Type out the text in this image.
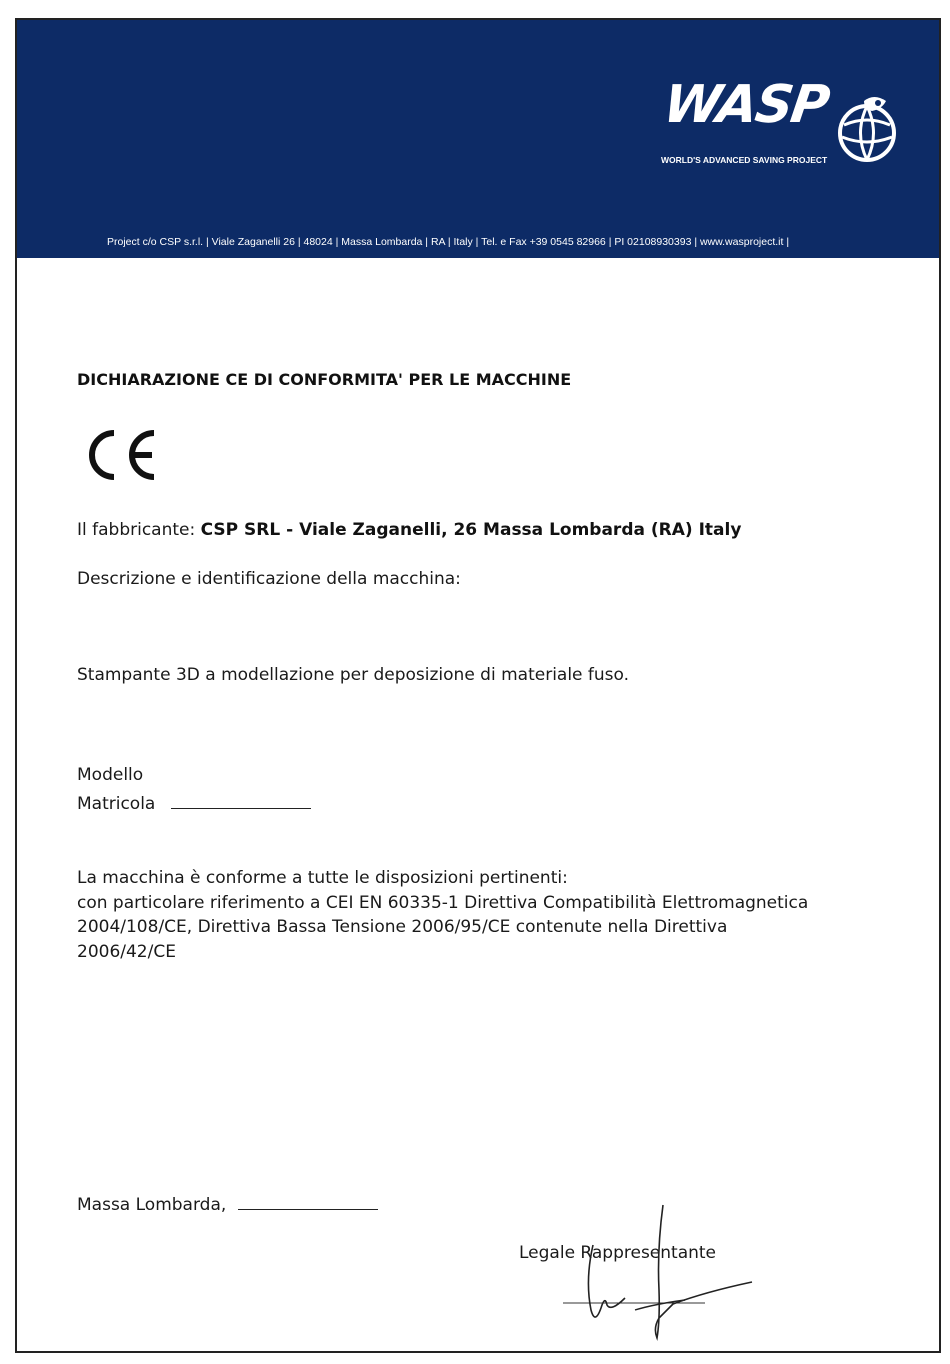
WASP
WORLD'S ADVANCED SAVING PROJECT
Project c/o CSP s.r.l. | Viale Zaganelli 26 | 48024 | Massa Lombarda | RA | Italy | Tel. e Fax +39 0545 82966 | PI 02108930393 | www.wasproject.it |
DICHIARAZIONE CE DI CONFORMITA' PER LE MACCHINE
Il fabbricante: CSP SRL - Viale Zaganelli, 26 Massa Lombarda (RA) Italy
Descrizione e identificazione della macchina:
Stampante 3D a modellazione per deposizione di materiale fuso.
Modello
Matricola
La macchina è conforme a tutte le disposizioni pertinenti:
con particolare riferimento a CEI EN 60335-1 Direttiva Compatibilità Elettromagnetica
2004/108/CE, Direttiva Bassa Tensione 2006/95/CE contenute nella Direttiva
2006/42/CE
Massa Lombarda,
Legale Rappresentante
